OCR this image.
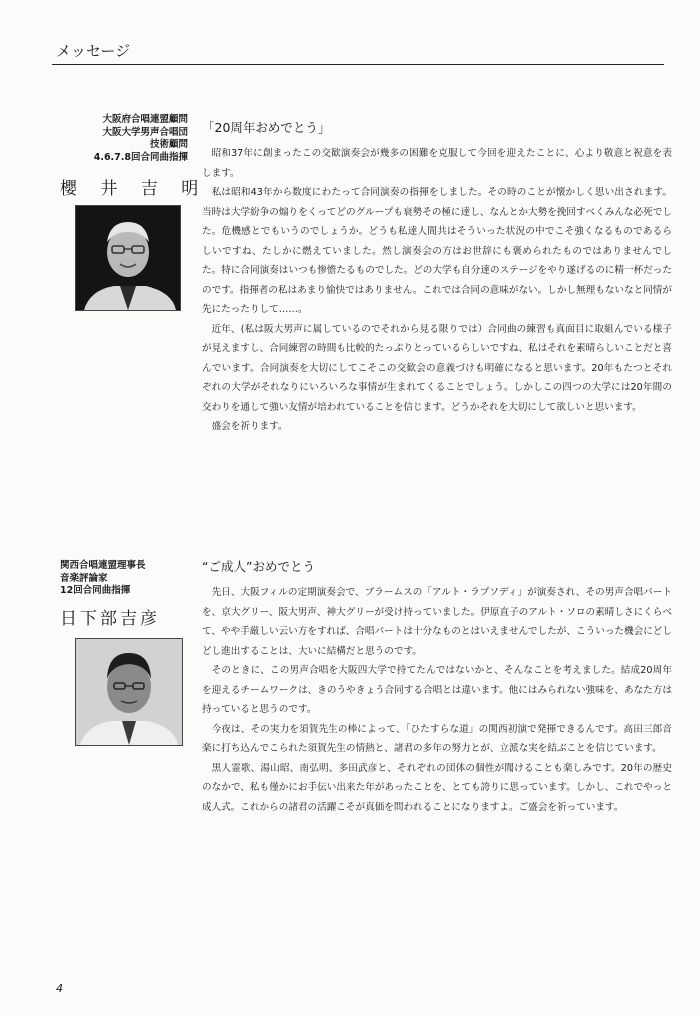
メッセージ
大阪府合唱連盟顧問
大阪大学男声合唱団
技術顧問
4.6.7.8回合同曲指揮
櫻 井 吉 明
「20周年おめでとう」

昭和37年に創まったこの交歓演奏会が幾多の困難を克服して今回を迎えたことに、心より敬意と祝意を表します。

私は昭和43年から数度にわたって合同演奏の指揮をしました。その時のことが懐かしく思い出されます。当時は大学紛争の煽りをくってどのグループも衰勢その極に達し、なんとか大勢を挽回すべくみんな必死でした。危機感とでもいうのでしょうか。どうも私達人間共はそういった状況の中でこそ強くなるものであるらしいですね、たしかに燃えていました。然し演奏会の方はお世辞にも褒められたものではありませんでした。特に合同演奏はいつも惨憺たるものでした。どの大学も自分達のステージをやり遂げるのに精一杯だったのです。指揮者の私はあまり愉快ではありません。これでは合同の意味がない。しかし無理もないなと同情が先にたったりして……。

近年、(私は阪大男声に属しているのでそれから見る限りでは）合同曲の練習も真面目に取組んでいる様子が見えますし、合同練習の時間も比較的たっぷりとっているらしいですね、私はそれを素晴らしいことだと喜んでいます。合同演奏を大切にしてこそこの交歓会の意義づけも明確になると思います。20年もたつとそれぞれの大学がそれなりにいろいろな事情が生まれてくることでしょう。しかしこの四つの大学には20年間の交わりを通して強い友情が培われていることを信じます。どうかそれを大切にして欲しいと思います。

盛会を祈ります。

関西合唱連盟理事長
音楽評論家
12回合同曲指揮
日下部吉彦
“ご成人”おめでとう

先日、大阪フィルの定期演奏会で、ブラームスの「アルト・ラプソディ」が演奏され、その男声合唱パートを、京大グリー、阪大男声、神大グリーが受け持っていました。伊原直子のアルト・ソロの素晴しさにくらべて、やや手厳しい云い方をすれば、合唱パートは十分なものとはいえませんでしたが、こういった機会にどしどし進出することは、大いに結構だと思うのです。

そのときに、この男声合唱を大阪四大学で持てたんではないかと、そんなことを考えました。結成20周年を迎えるチームワークは、きのうやきょう合同する合唱とは違います。他にはみられない強味を、あなた方は持っていると思うのです。

今夜は、その実力を須賀先生の棒によって、「ひたすらな道」の関西初演で発揮できるんです。高田三郎音楽に打ち込んでこられた須賀先生の情熱と、諸君の多年の努力とが、立派な実を結ぶことを信じています。

黒人霊歌、湯山昭、南弘明、多田武彦と、それぞれの団体の個性が聞けることも楽しみです。20年の歴史のなかで、私も僅かにお手伝い出来た年があったことを、とても誇りに思っています。しかし、これでやっと成人式。これからの諸君の活躍こそが真価を問われることになりますよ。ご盛会を祈っています。

4
